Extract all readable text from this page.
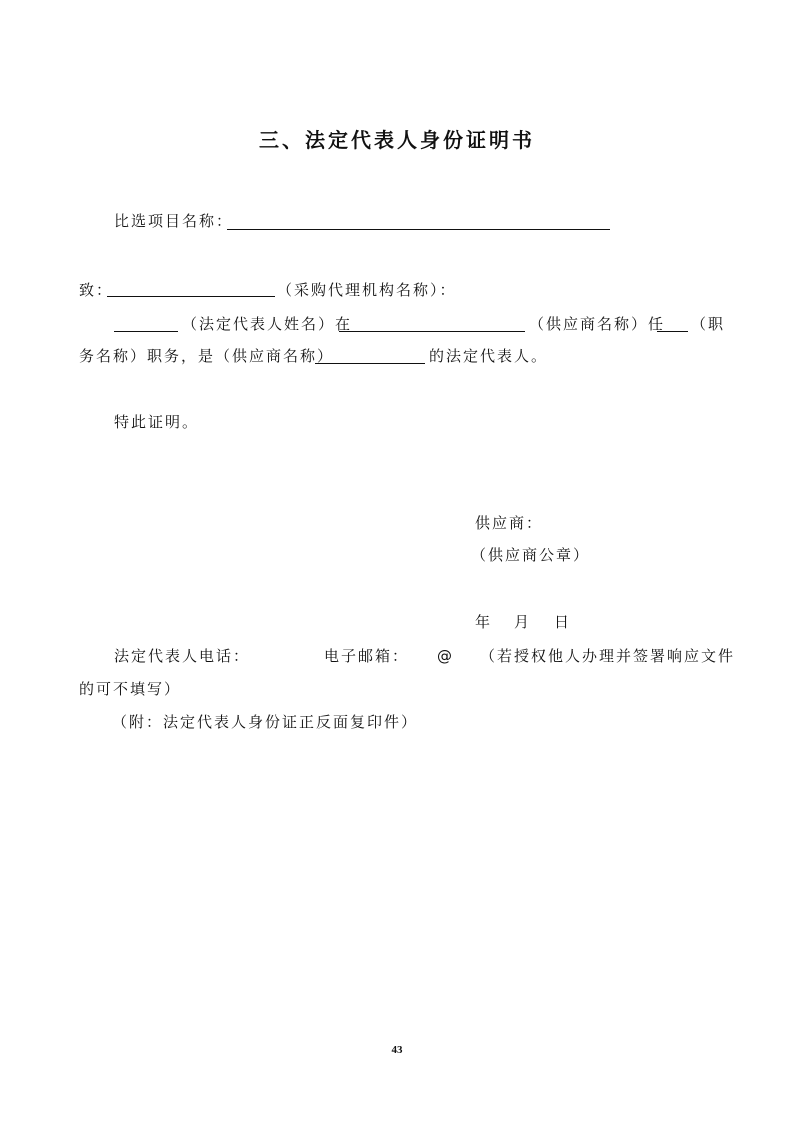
三、法定代表人身份证明书
比选项目名称：
致：	（采购代理机构名称）：
（法定代表人姓名）在	（供应商名称）任 （职
务名称）职务，是（供应商名称）	的法定代表人。
特此证明。
供应商：
（供应商公章）
年 月 日
法定代表人电话：	电子邮箱： @ （若授权他人办理并签署响应文件
的可不填写）
（附：法定代表人身份证正反面复印件）
43
